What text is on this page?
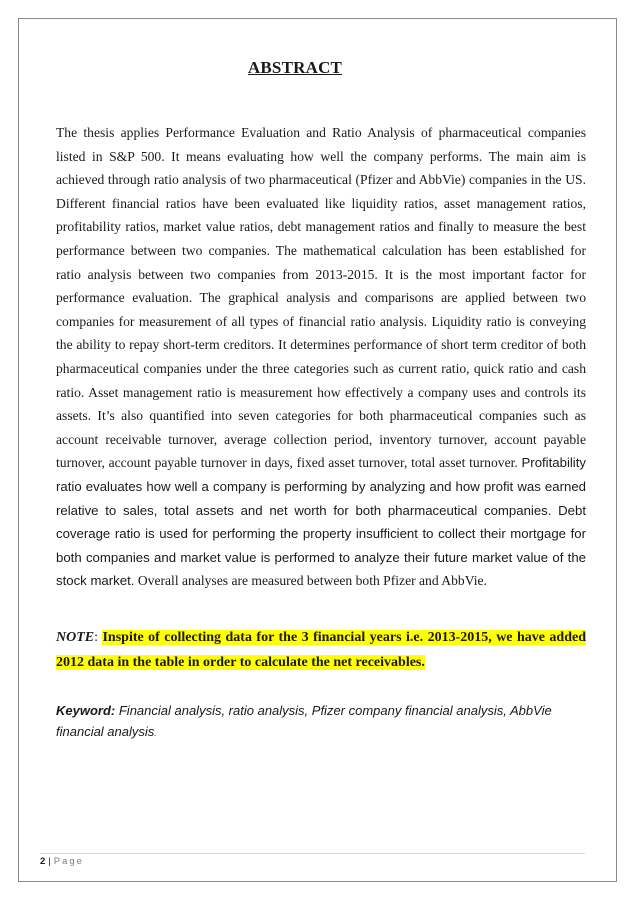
ABSTRACT
The thesis applies Performance Evaluation and Ratio Analysis of pharmaceutical companies listed in S&P 500. It means evaluating how well the company performs. The main aim is achieved through ratio analysis of two pharmaceutical (Pfizer and AbbVie) companies in the US. Different financial ratios have been evaluated like liquidity ratios, asset management ratios, profitability ratios, market value ratios, debt management ratios and finally to measure the best performance between two companies. The mathematical calculation has been established for ratio analysis between two companies from 2013-2015. It is the most important factor for performance evaluation. The graphical analysis and comparisons are applied between two companies for measurement of all types of financial ratio analysis. Liquidity ratio is conveying the ability to repay short-term creditors. It determines performance of short term creditor of both pharmaceutical companies under the three categories such as current ratio, quick ratio and cash ratio. Asset management ratio is measurement how effectively a company uses and controls its assets. It’s also quantified into seven categories for both pharmaceutical companies such as account receivable turnover, average collection period, inventory turnover, account payable turnover, account payable turnover in days, fixed asset turnover, total asset turnover. Profitability ratio evaluates how well a company is performing by analyzing and how profit was earned relative to sales, total assets and net worth for both pharmaceutical companies. Debt coverage ratio is used for performing the property insufficient to collect their mortgage for both companies and market value is performed to analyze their future market value of the stock market. Overall analyses are measured between both Pfizer and AbbVie.
NOTE: Inspite of collecting data for the 3 financial years i.e. 2013-2015, we have added 2012 data in the table in order to calculate the net receivables.
Keyword: Financial analysis, ratio analysis, Pfizer company financial analysis, AbbVie financial analysis.
2 | Page
